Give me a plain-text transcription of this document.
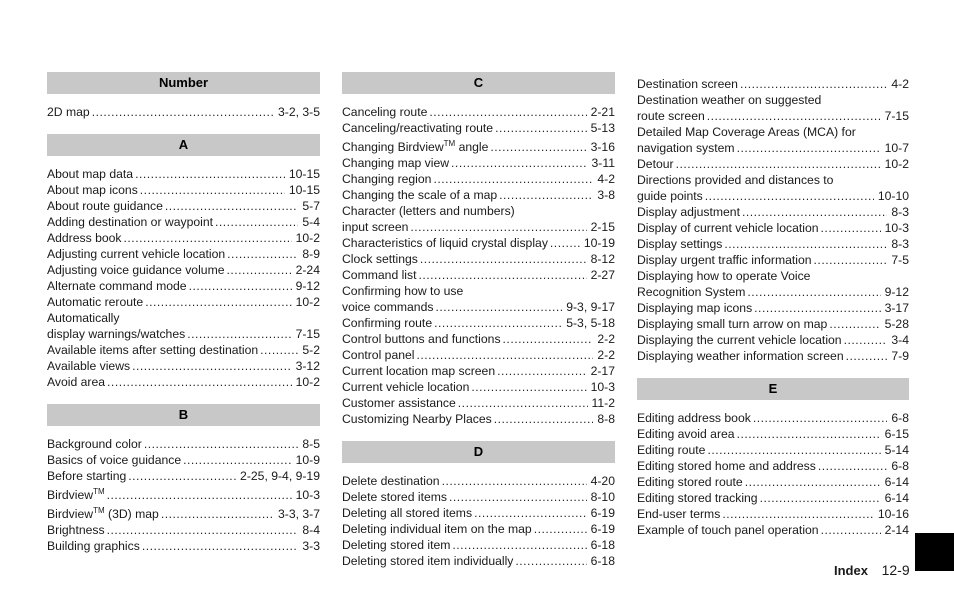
Number
2D map .....	3-2, 3-5
A
About map data .....	10-15
About map icons .....	10-15
About route guidance .....	5-7
Adding destination or waypoint .....	5-4
Address book .....	10-2
Adjusting current vehicle location .....	8-9
Adjusting voice guidance volume .....	2-24
Alternate command mode .....	9-12
Automatic reroute .....	10-2
Automatically
display warnings/watches .....	7-15
Available items after setting destination .....	5-2
Available views .....	3-12
Avoid area .....	10-2
B
Background color .....	8-5
Basics of voice guidance .....	10-9
Before starting .....	2-25, 9-4, 9-19
Birdview™ .....	10-3
Birdview™ (3D) map .....	3-3, 3-7
Brightness .....	8-4
Building graphics .....	3-3
C
Canceling route .....	2-21
Canceling/reactivating route .....	5-13
Changing Birdview™ angle .....	3-16
Changing map view .....	3-11
Changing region .....	4-2
Changing the scale of a map .....	3-8
Character (letters and numbers)
input screen .....	2-15
Characteristics of liquid crystal display .....	10-19
Clock settings .....	8-12
Command list .....	2-27
Confirming how to use
voice commands .....	9-3, 9-17
Confirming route .....	5-3, 5-18
Control buttons and functions .....	2-2
Control panel .....	2-2
Current location map screen .....	2-17
Current vehicle location .....	10-3
Customer assistance .....	11-2
Customizing Nearby Places .....	8-8
D
Delete destination .....	4-20
Delete stored items .....	8-10
Deleting all stored items .....	6-19
Deleting individual item on the map .....	6-19
Deleting stored item .....	6-18
Deleting stored item individually .....	6-18
Destination screen .....	4-2
Destination weather on suggested
route screen .....	7-15
Detailed Map Coverage Areas (MCA) for
navigation system .....	10-7
Detour .....	10-2
Directions provided and distances to
guide points .....	10-10
Display adjustment .....	8-3
Display of current vehicle location .....	10-3
Display settings .....	8-3
Display urgent traffic information .....	7-5
Displaying how to operate Voice
Recognition System .....	9-12
Displaying map icons .....	3-17
Displaying small turn arrow on map .....	5-28
Displaying the current vehicle location .....	3-4
Displaying weather information screen .....	7-9
E
Editing address book .....	6-8
Editing avoid area .....	6-15
Editing route .....	5-14
Editing stored home and address .....	6-8
Editing stored route .....	6-14
Editing stored tracking .....	6-14
End-user terms .....	10-16
Example of touch panel operation .....	2-14
Index 12-9
